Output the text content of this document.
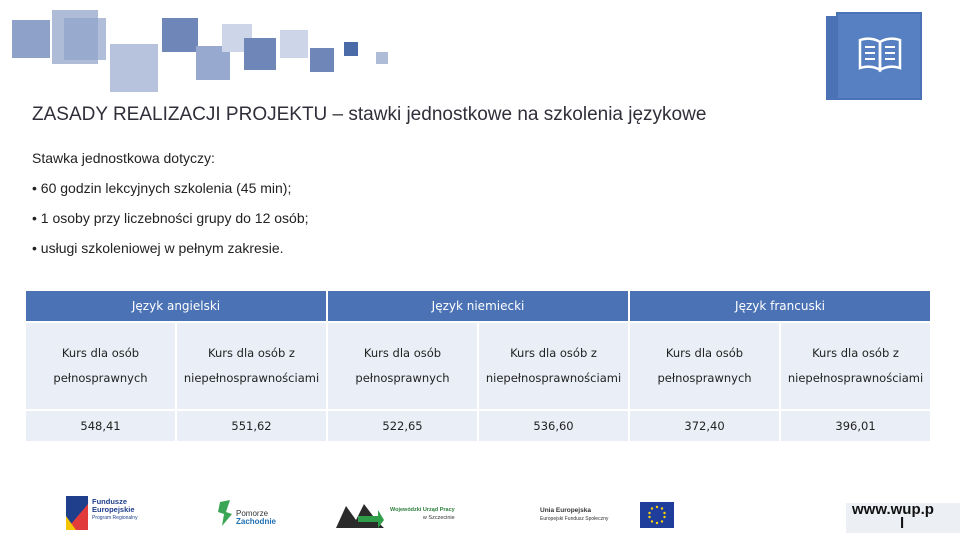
ZASADY REALIZACJI PROJEKTU – stawki jednostkowe na szkolenia językowe
Stawka jednostkowa dotyczy:
• 60 godzin lekcyjnych szkolenia (45 min);
• 1 osoby przy liczebności grupy do 12 osób;
• usługi szkoleniowej w pełnym zakresie.
Język angielski		Język niemiecki		Język francuski	
Kurs dla osób
pełnosprawnych	Kurs dla osób z
niepełnosprawnościami	Kurs dla osób
pełnosprawnych	Kurs dla osób z
niepełnosprawnościami	Kurs dla osób
pełnosprawnych	Kurs dla osób z
niepełnosprawnościami
548,41	551,62	522,65	536,60	372,40	396,01
Fundusze
Europejskie
Program Regionalny	Pomorze
Zachodnie
Wojewódzki Urząd Pracy
w Szczecinie
Unia Europejska
Europejski Fundusz Społeczny
www.wup.p
l
